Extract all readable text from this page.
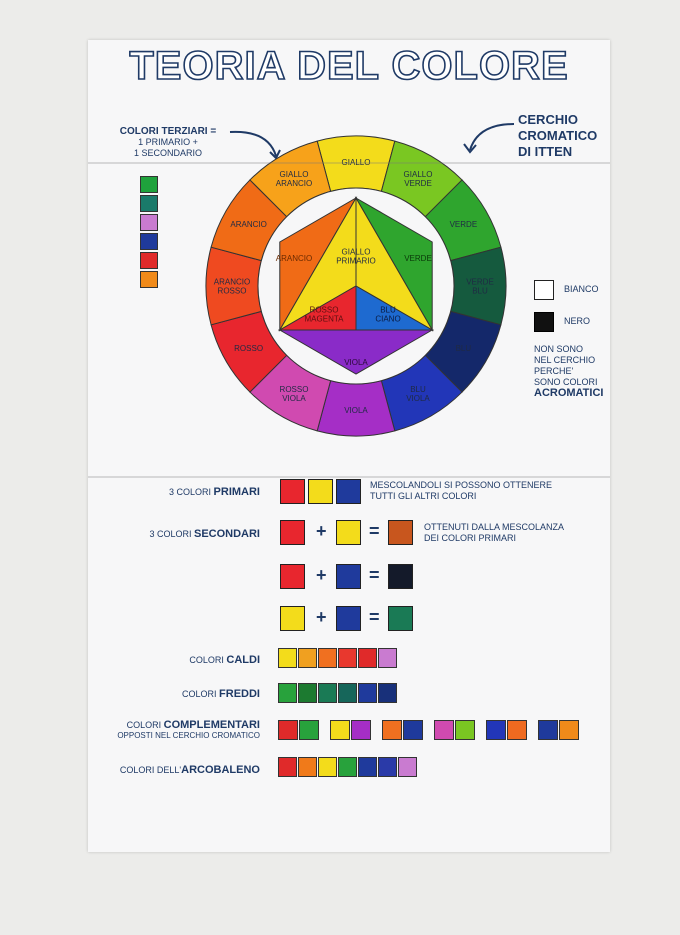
TEORIA DEL COLORE
COLORI TERZIARI =
1 PRIMARIO +
1 SECONDARIO
CERCHIO
CROMATICO
DI ITTEN
GIALLO
GIALLO VERDE
VERDE
VERDE BLU
BLU
BLU VIOLA
VIOLA
ROSSO VIOLA
ROSSO
ARANCIO ROSSO
ARANCIO
GIALLO ARANCIO
GIALLO PRIMARIO
ROSSO MAGENTA
BLU CIANO
ARANCIO	VERDE
VIOLA
BIANCO
NERO
NON SONO
NEL CERCHIO
PERCHE'
SONO COLORI
ACROMATICI
3 COLORI PRIMARI
MESCOLANDOLI SI POSSONO OTTENERE
TUTTI GLI ALTRI COLORI
3 COLORI SECONDARI	+ =	OTTENUTI DALLA MESCOLANZA
DEI COLORI PRIMARI
+ =
+ =
COLORI CALDI
COLORI FREDDI
COLORI COMPLEMENTARI
OPPOSTI NEL CERCHIO CROMATICO
COLORI DELL'ARCOBALENO
